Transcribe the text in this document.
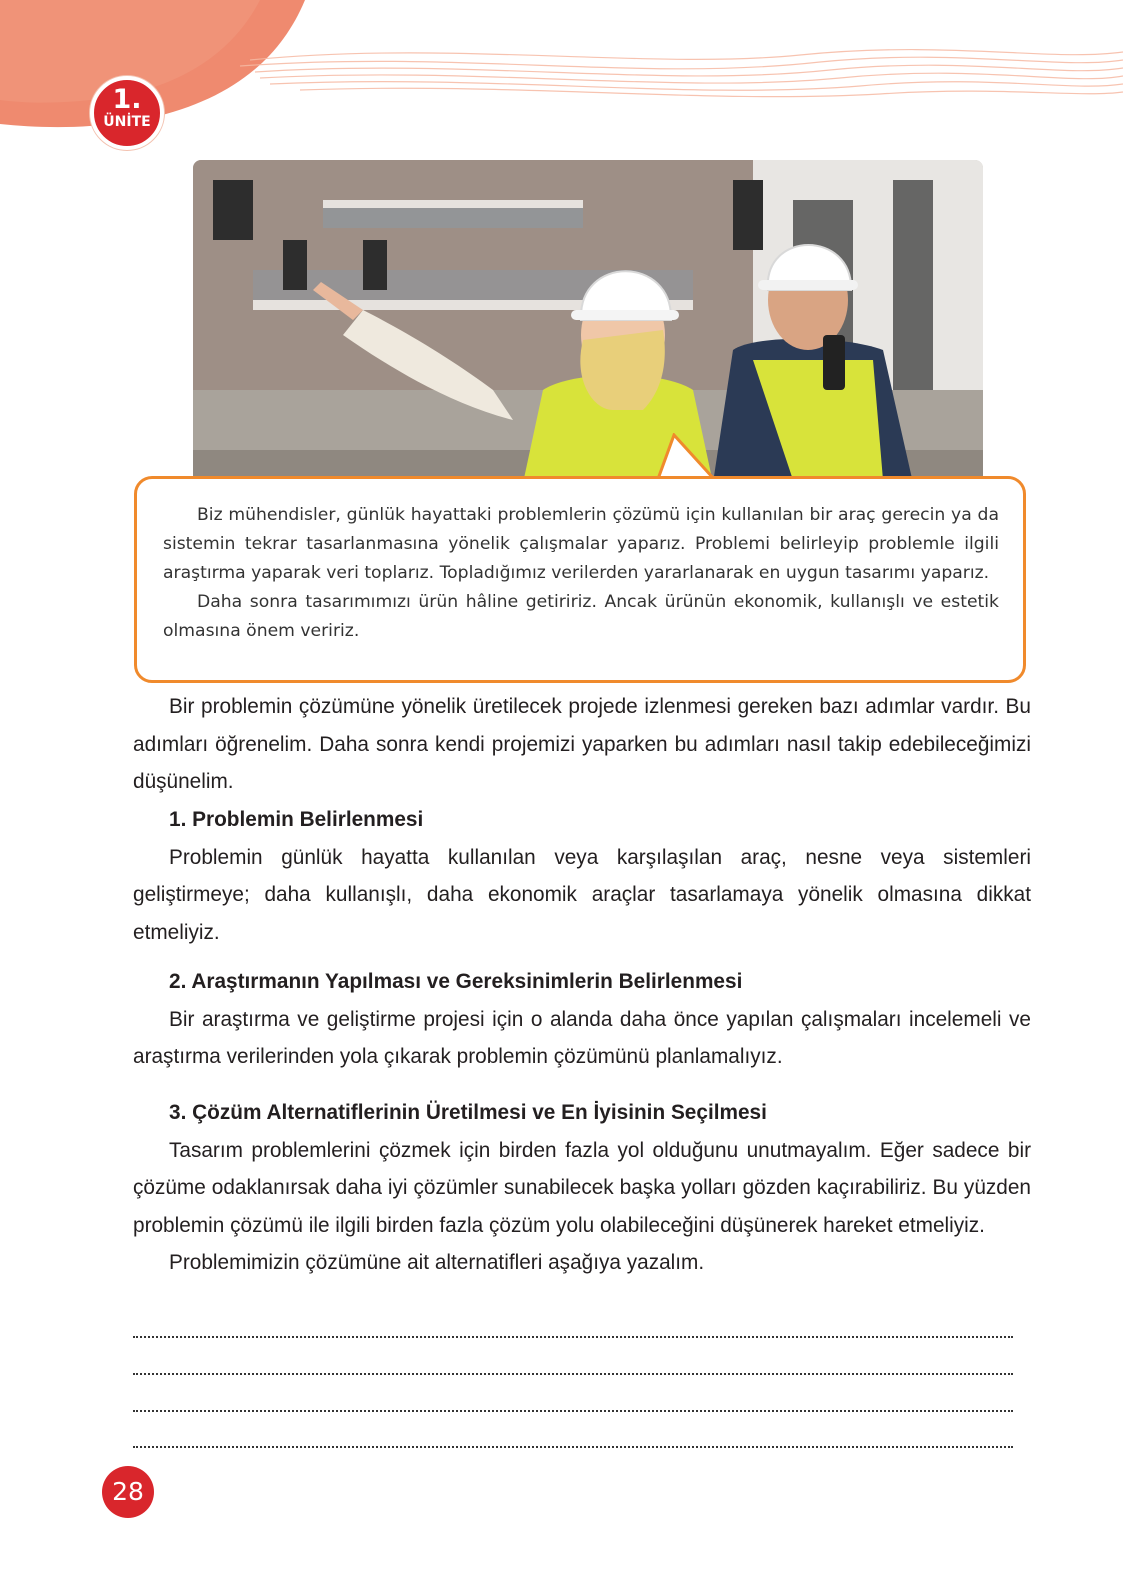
1.
ÜNİTE

Biz mühendisler, günlük hayattaki problemlerin çözümü için kullanılan bir araç gerecin ya da sistemin tekrar tasarlanmasına yönelik çalışmalar yaparız. Problemi belirleyip problemle ilgili araştırma yaparak veri toplarız. Topladığımız verilerden yararlanarak en uygun tasarımı yaparız.

Daha sonra tasarımımızı ürün hâline getiririz. Ancak ürünün ekonomik, kullanışlı ve estetik olmasına önem veririz.

Bir problemin çözümüne yönelik üretilecek projede izlenmesi gereken bazı adımlar vardır. Bu adımları öğrenelim. Daha sonra kendi projemizi yaparken bu adımları nasıl takip edebileceğimizi düşünelim.

1. Problemin Belirlenmesi

Problemin günlük hayatta kullanılan veya karşılaşılan araç, nesne veya sistemleri geliştirmeye; daha kullanışlı, daha ekonomik araçlar tasarlamaya yönelik olmasına dikkat etmeliyiz.

2. Araştırmanın Yapılması ve Gereksinimlerin Belirlenmesi

Bir araştırma ve geliştirme projesi için o alanda daha önce yapılan çalışmaları incelemeli ve araştırma verilerinden yola çıkarak problemin çözümünü planlamalıyız.

3. Çözüm Alternatiflerinin Üretilmesi ve En İyisinin Seçilmesi

Tasarım problemlerini çözmek için birden fazla yol olduğunu unutmayalım. Eğer sadece bir çözüme odaklanırsak daha iyi çözümler sunabilecek başka yolları gözden kaçırabiliriz. Bu yüzden problemin çözümü ile ilgili birden fazla çözüm yolu olabileceğini düşünerek hareket etmeliyiz.

Problemimizin çözümüne ait alternatifleri aşağıya yazalım.

28
